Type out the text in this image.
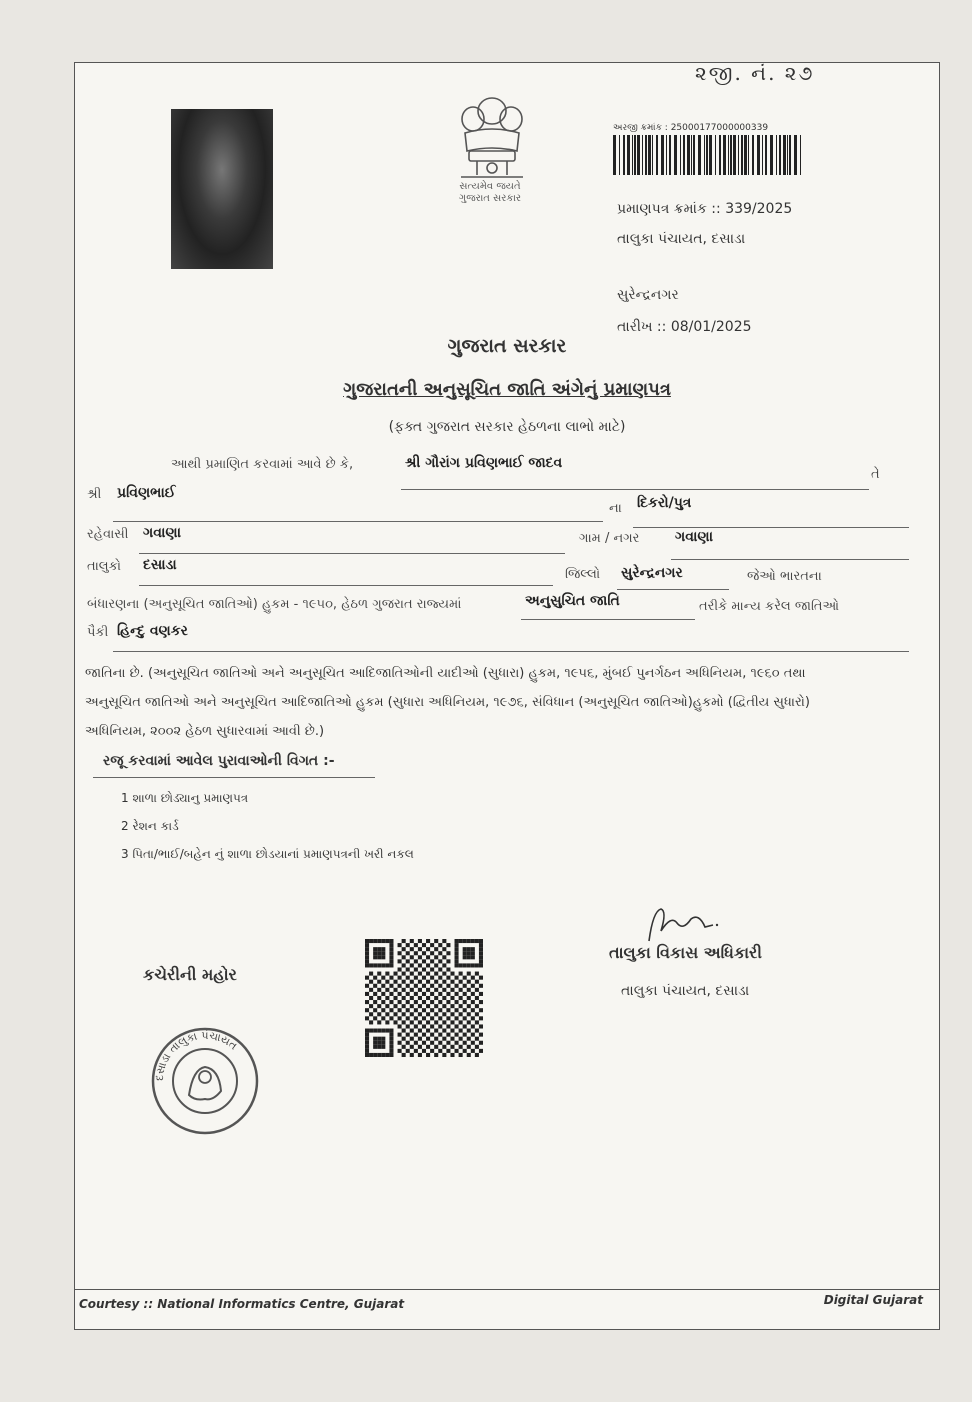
૨જી. નં. ૨૭
સત્યમેવ જયતે
ગુજરાત સરકાર
અરજી ક્રમાંક : 25000177000000339
પ્રમાણપત્ર ક્રમાંક :: 339/2025
તાલુકા પંચાયત, દસાડા
સુરેન્દ્રનગર
તારીખ :: 08/01/2025
ગુજરાત સરકાર
ગુજરાતની અનુસૂચિત જાતિ અંગેનું પ્રમાણપત્ર
(ફક્ત ગુજરાત સરકાર હેઠળના લાભો માટે)
આથી પ્રમાણિત કરવામાં આવે છે કે,	શ્રી ગૌરાંગ પ્રવિણભાઈ જાદવ
તે
શ્રી પ્રવિણભાઈ
ના દિકરો/પુત્ર
રહેવાસી ગવાણા	ગામ / નગર	ગવાણા
તાલુકો દસાડા
જિલ્લો સુરેન્દ્રનગર	જેઓ ભારતના
બંધારણના (અનુસૂચિત જાતિઓ) હુકમ - ૧૯૫૦, હેઠળ ગુજરાત રાજ્યમાં	અનુસુચિત જાતિ	તરીકે માન્ય કરેલ જાતિઓ
પૈકી હિન્દુ વણકર
જાતિના છે. (અનુસૂચિત જાતિઓ અને અનુસૂચિત આદિજાતિઓની યાદીઓ (સુધારા) હુકમ, ૧૯૫૬, મુંબઈ પુનર્ગઠન અધિનિયમ, ૧૯૬૦ તથા
અનુસૂચિત જાતિઓ અને અનુસૂચિત આદિજાતિઓ હુકમ (સુધારા અધિનિયમ, ૧૯૭૬, સંવિધાન (અનુસૂચિત જાતિઓ)હુકમો (દ્વિતીય સુધારો)
અધિનિયમ, ૨૦૦૨ હેઠળ સુધારવામાં આવી છે.)
રજૂ કરવામાં આવેલ પુરાવાઓની વિગત :-
1 શાળા છોડ્યાનુ પ્રમાણપત્ર
2 રેશન કાર્ડ
3 પિતા/ભાઈ/બહેન નું શાળા છોડયાનાં પ્રમાણપત્રની ખરી નકલ
તાલુકા વિકાસ અધિકારી
તાલુકા પંચાયત, દસાડા
કચેરીની મહોર
દસાડા તાલુકા પંચાયત
Courtesy :: National Informatics Centre, Gujarat	Digital Gujarat
